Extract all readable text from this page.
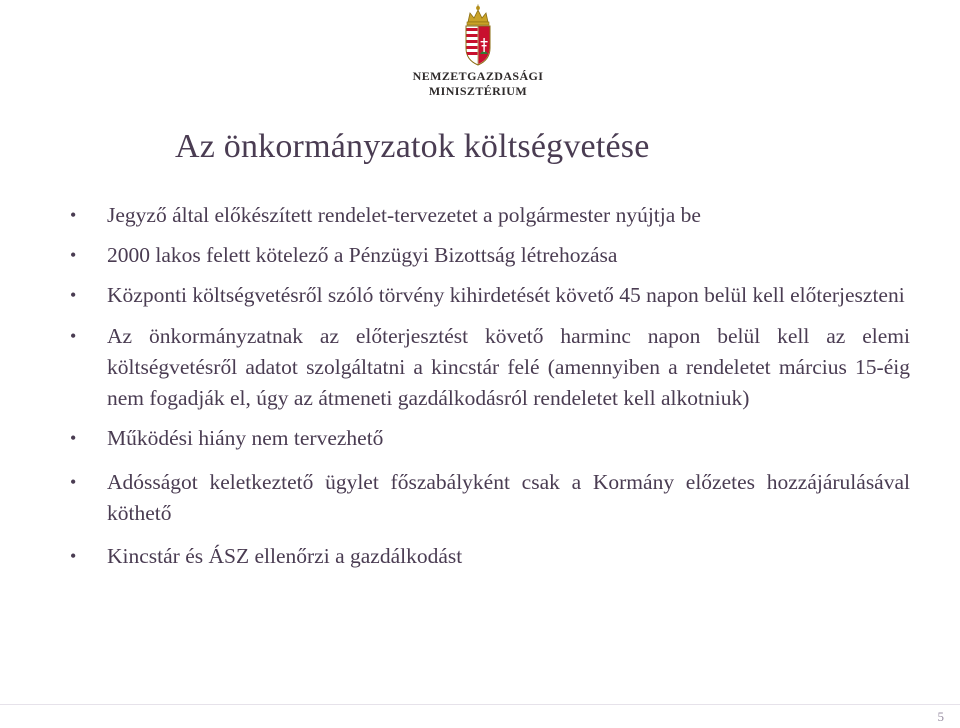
NEMZETGAZDASÁGI
MINISZTÉRIUM
Az önkormányzatok költségvetése
• Jegyző által előkészített rendelet-tervezetet a polgármester nyújtja be
• 2000 lakos felett kötelező a Pénzügyi Bizottság létrehozása
• Központi költségvetésről szóló törvény kihirdetését követő 45 napon belül kell előterjeszteni
• Az önkormányzatnak az előterjesztést követő harminc napon belül kell az elemi költségvetésről adatot szolgáltatni a kincstár felé (amennyiben a rendeletet március 15-éig nem fogadják el, úgy az átmeneti gazdálkodásról rendeletet kell alkotniuk)
• Működési hiány nem tervezhető
• Adósságot keletkeztető ügylet főszabályként csak a Kormány előzetes hozzájárulásával köthető
• Kincstár és ÁSZ ellenőrzi a gazdálkodást
5
